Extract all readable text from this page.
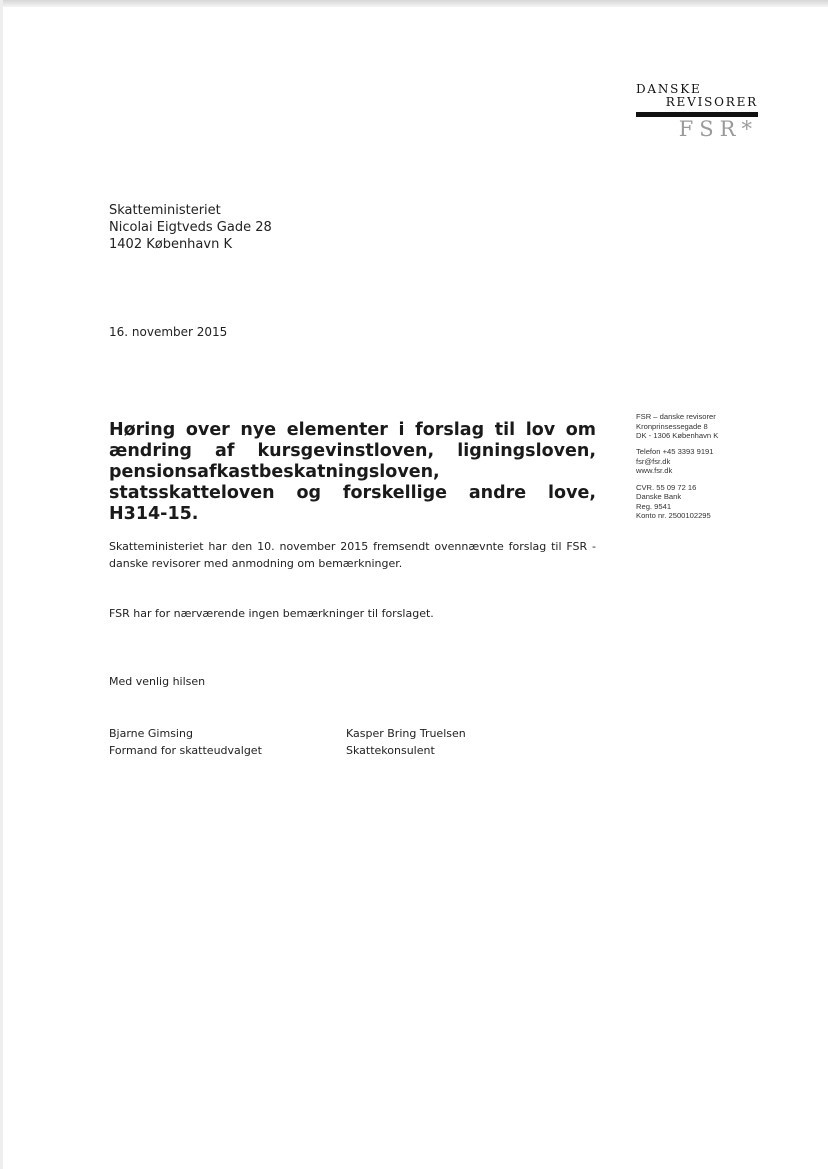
DANSKE
REVISORER
FSR*
Skatteministeriet
Nicolai Eigtveds Gade 28
1402 København K
16. november 2015
Høring over nye elementer i forslag til lov om ændring af kursgevinstloven, ligningsloven, pensionsafkastbeskatningsloven, statsskatteloven og forskellige andre love, H314-15.
FSR – danske revisorer
Kronprinsessegade 8
DK - 1306 København K
Telefon +45 3393 9191
fsr@fsr.dk
www.fsr.dk
CVR. 55 09 72 16
Danske Bank
Reg. 9541
Konto nr. 2500102295
Skatteministeriet har den 10. november 2015 fremsendt ovennævnte forslag til FSR - danske revisorer med anmodning om bemærkninger.
FSR har for nærværende ingen bemærkninger til forslaget.
Med venlig hilsen
Bjarne Gimsing
Formand for skatteudvalget
Kasper Bring Truelsen
Skattekonsulent
